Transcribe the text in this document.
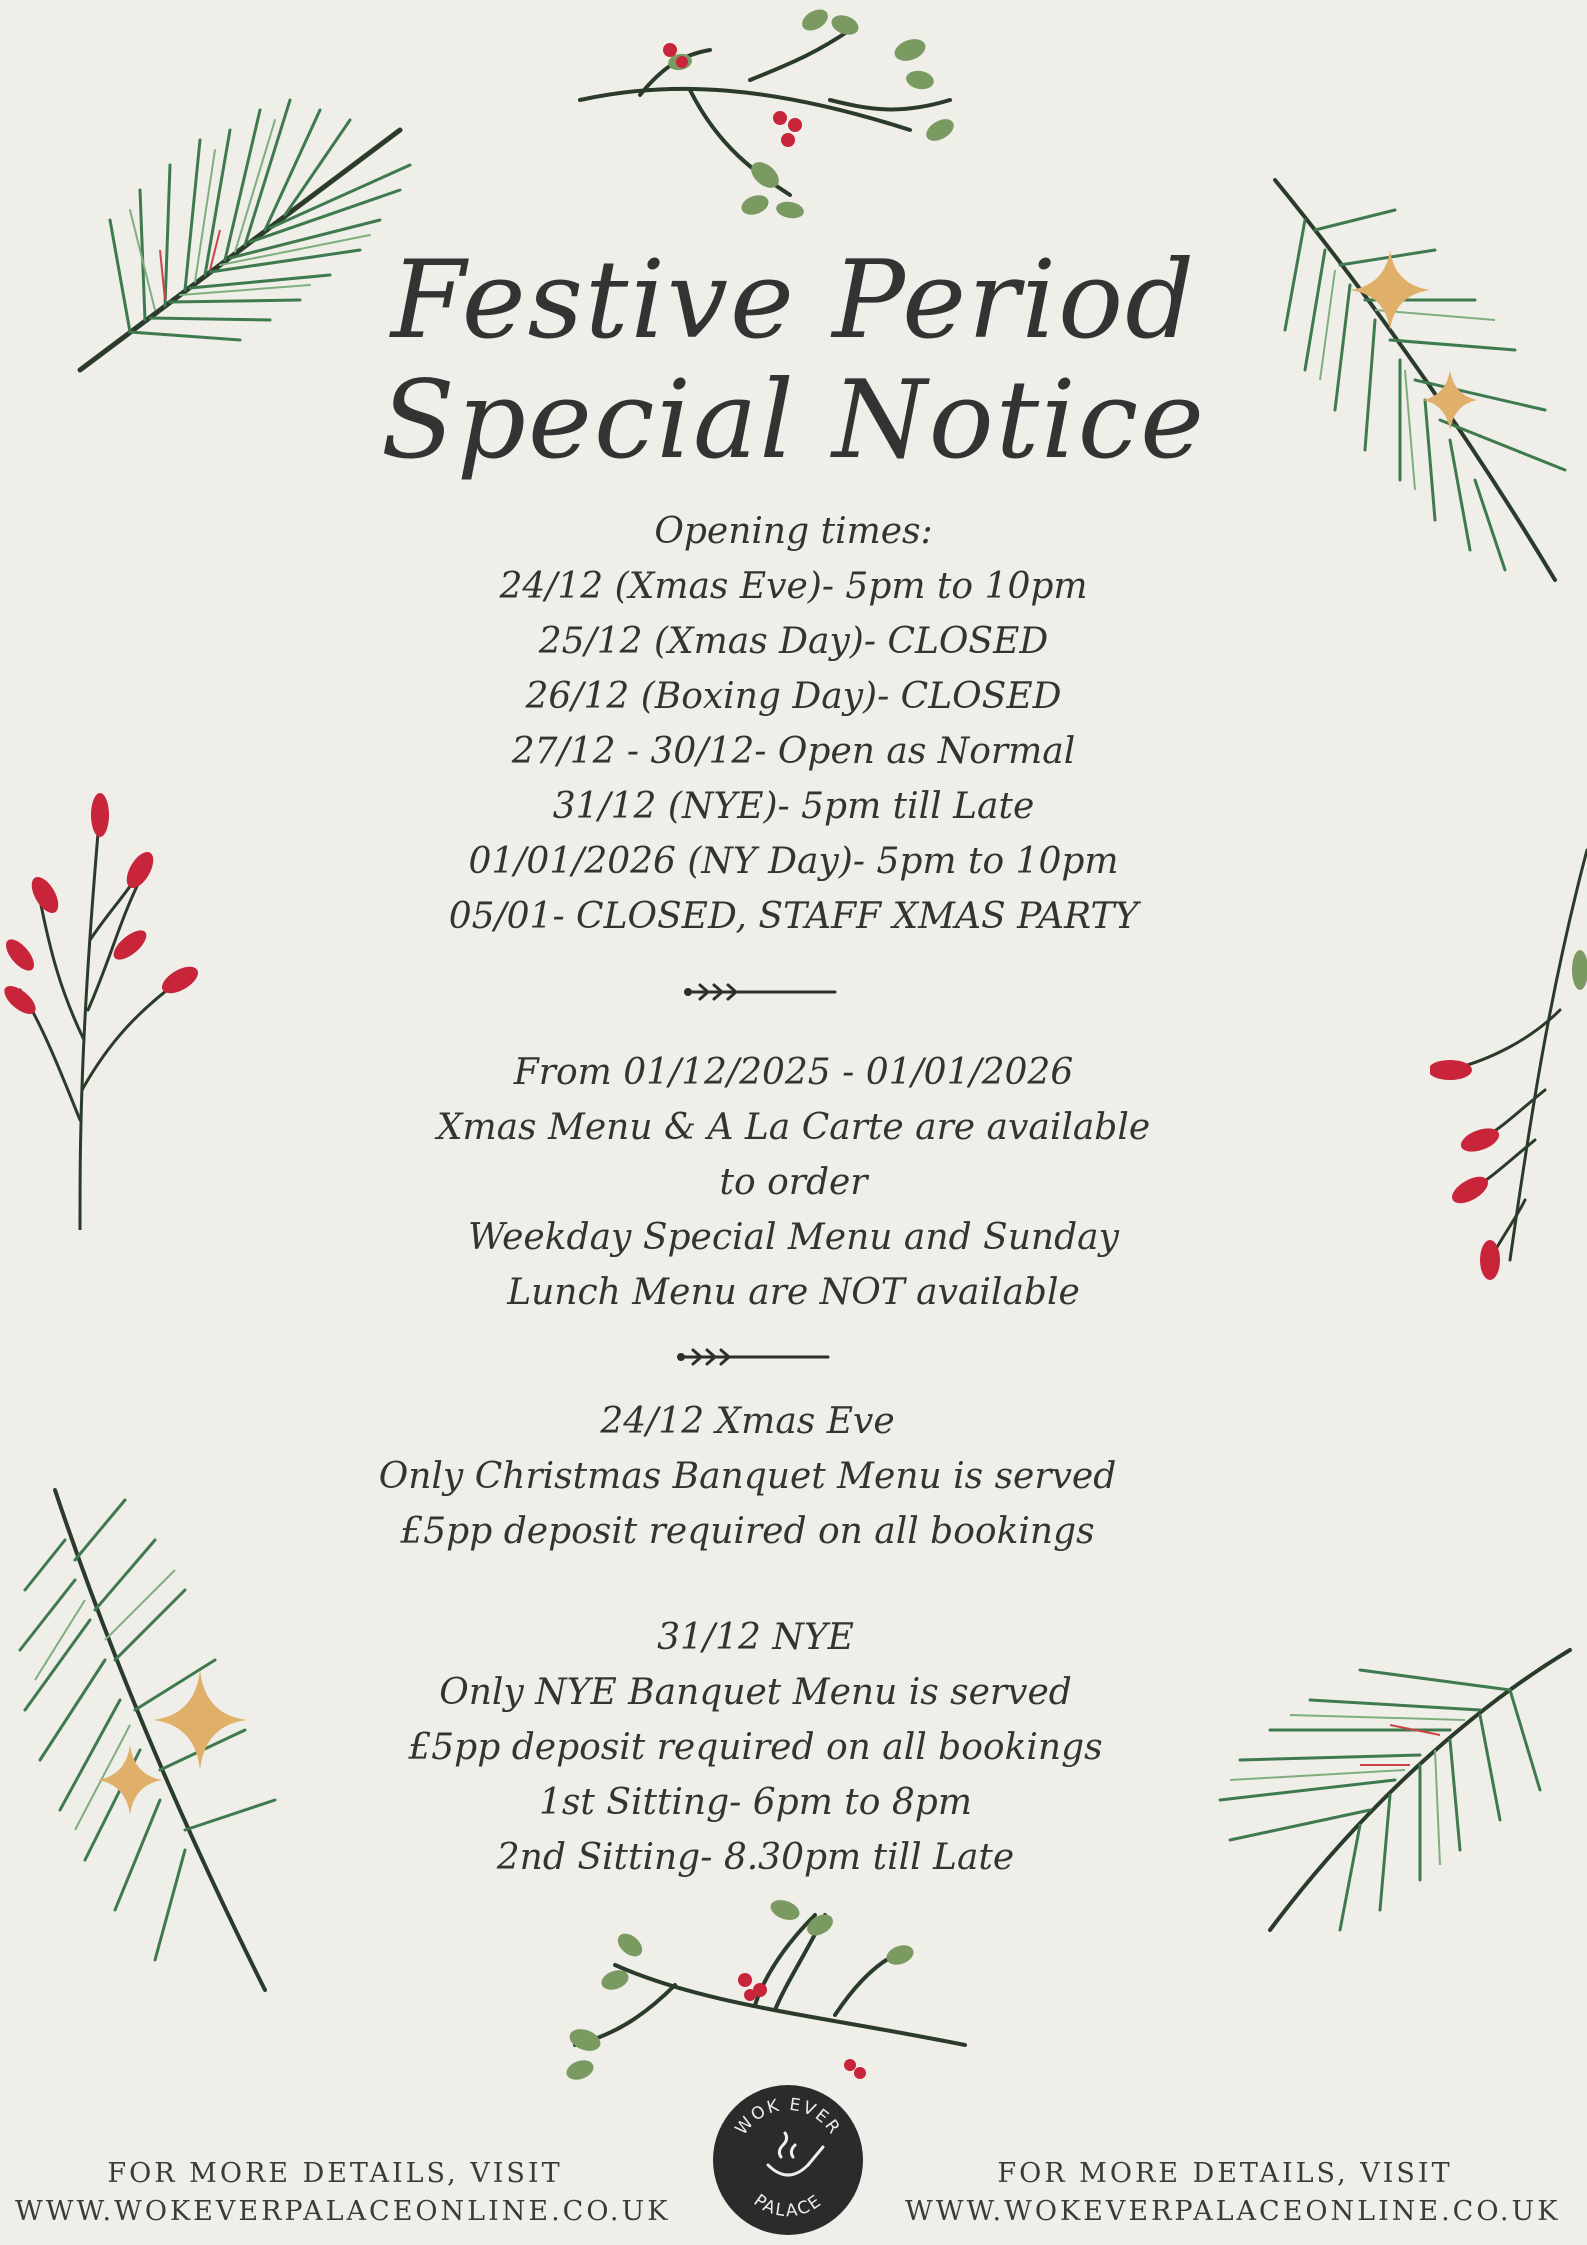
Festive Period
Special Notice
Opening times:
24/12 (Xmas Eve)- 5pm to 10pm
25/12 (Xmas Day)- CLOSED
26/12 (Boxing Day)- CLOSED
27/12 - 30/12- Open as Normal
31/12 (NYE)- 5pm till Late
01/01/2026 (NY Day)- 5pm to 10pm
05/01- CLOSED, STAFF XMAS PARTY
From 01/12/2025 - 01/01/2026
Xmas Menu & A La Carte are available
to order
Weekday Special Menu and Sunday
Lunch Menu are NOT available
24/12 Xmas Eve
Only Christmas Banquet Menu is served
£5pp deposit required on all bookings
31/12 NYE
Only NYE Banquet Menu is served
£5pp deposit required on all bookings
1st Sitting- 6pm to 8pm
2nd Sitting- 8.30pm till Late
FOR MORE DETAILS, VISIT
WWW.WOKEVERPALACEONLINE.CO.UK
FOR MORE DETAILS, VISIT
WWW.WOKEVERPALACEONLINE.CO.UK
WOK EVER
PALACE
